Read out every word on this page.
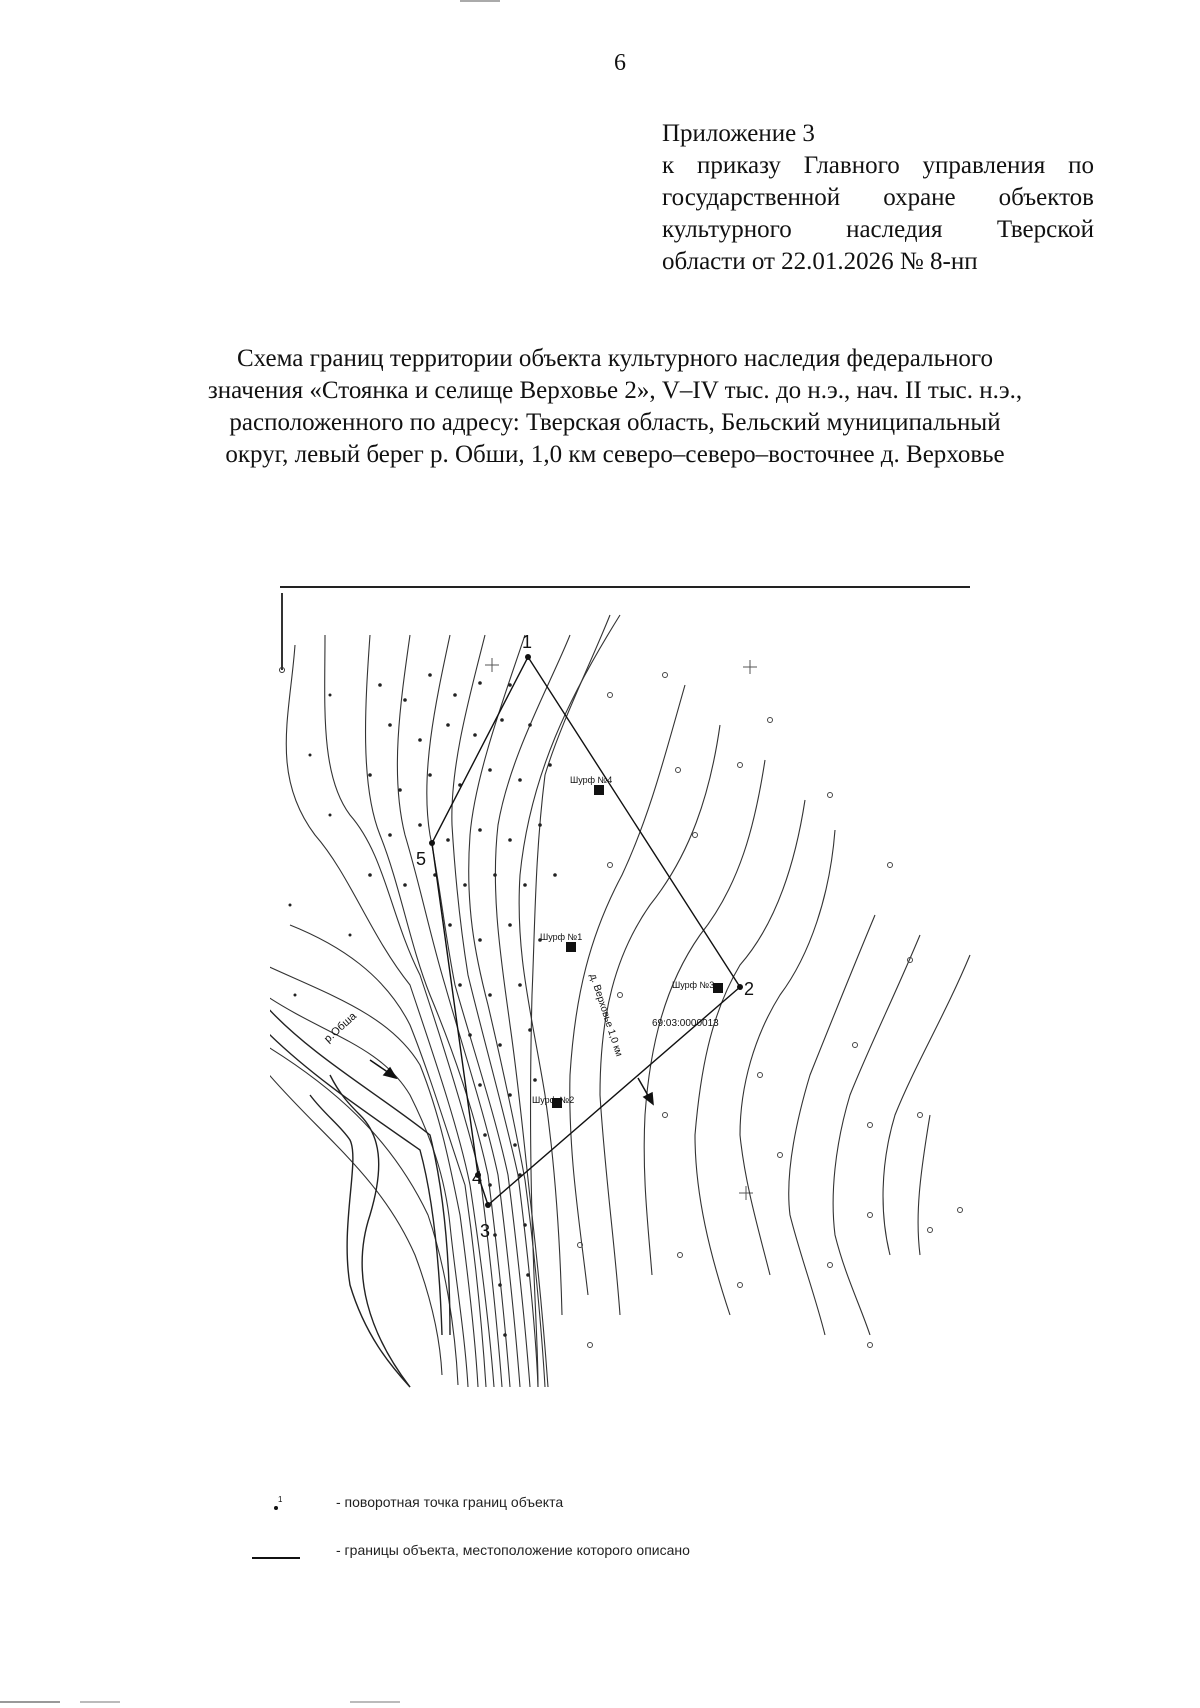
6
Приложение 3
к приказу Главного управления по
государственной охране объектов
культурного наследия Тверской
области от 22.01.2026 № 8-нп
Схема границ территории объекта культурного наследия федерального
значения «Стоянка и селище Верховье 2», V–IV тыс. до н.э., нач. II тыс. н.э.,
расположенного по адресу: Тверская область, Бельский муниципальный
округ, левый берег р. Обши, 1,0 км северо–северо–восточнее д. Верховье
1
2
3
4
5
Шурф №4
Шурф №1
Шурф №3
Шурф №2
р.Обша	д. Верховье 1,0 км	69:03:0000013
1	- поворотная точка границ объекта
- границы объекта, местоположение которого описано
